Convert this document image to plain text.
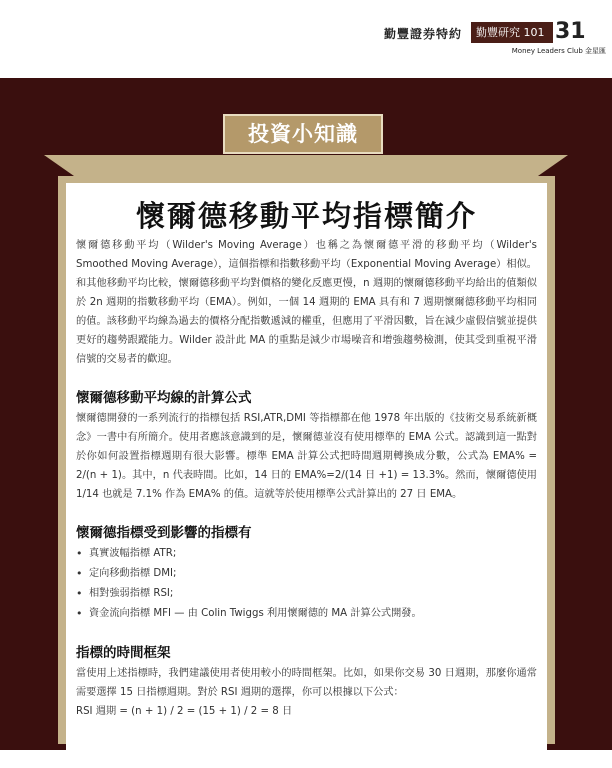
勤豐證券特約	勤豐研究 101 31
Money Leaders Club 金星匯
投資小知識
懷爾德移動平均指標簡介

懷爾德移動平均（Wilder's Moving Average）也稱之為懷爾德平滑的移動平均（Wilder's Smoothed Moving Average），這個指標和指數移動平均（Exponential Moving Average）相似。和其他移動平均比較，懷爾德移動平均對價格的變化反應更慢，n 週期的懷爾德移動平均給出的值類似於 2n 週期的指數移動平均（EMA）。例如，一個 14 週期的 EMA 具有和 7 週期懷爾德移動平均相同的值。該移動平均線為過去的價格分配指數遞減的權重，但應用了平滑因數，旨在減少虛假信號並提供更好的趨勢跟蹤能力。Wilder 設計此 MA 的重點是減少市場噪音和增強趨勢檢測，使其受到重視平滑信號的交易者的歡迎。

懷爾德移動平均線的計算公式

懷爾德開發的一系列流行的指標包括 RSI,ATR,DMI 等指標都在他 1978 年出版的《技術交易系統新概念》一書中有所簡介。使用者應該意識到的是，懷爾德並沒有使用標準的 EMA 公式。認識到這一點對於你如何設置指標週期有很大影響。標準 EMA 計算公式把時間週期轉換成分數，公式為 EMA% = 2/(n + 1)。其中，n 代表時間。比如，14 日的 EMA%=2/(14 日 +1) = 13.3%。然而，懷爾德使用 1/14 也就是 7.1% 作為 EMA% 的值。這就等於使用標準公式計算出的 27 日 EMA。

懷爾德指標受到影響的指標有
• 真實波幅指標 ATR;
• 定向移動指標 DMI;
• 相對強弱指標 RSI;
• 資金流向指標 MFI — 由 Colin Twiggs 利用懷爾德的 MA 計算公式開發。
指標的時間框架

當使用上述指標時，我們建議使用者使用較小的時間框架。比如，如果你交易 30 日週期，那麼你通常需要選擇 15 日指標週期。對於 RSI 週期的選擇，你可以根據以下公式：

RSI 週期 = (n + 1) / 2 = (15 + 1) / 2 = 8 日
